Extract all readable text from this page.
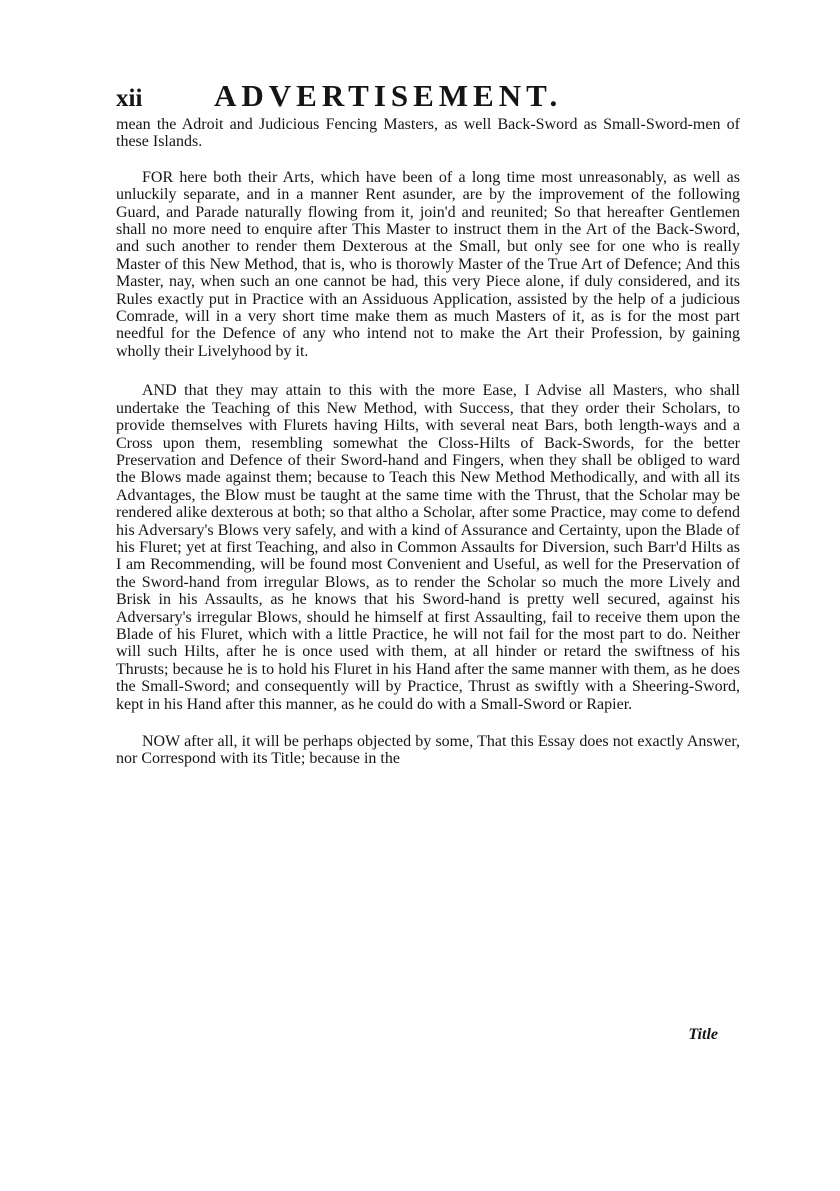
xii	ADVERTISEMENT.

mean the Adroit and Judicious Fencing Masters, as well Back-Sword as Small-Sword-men of these Islands.

FOR here both their Arts, which have been of a long time most unreasonably, as well as unluckily separate, and in a manner Rent asunder, are by the improvement of the following Guard, and Parade naturally flowing from it, join'd and reunited; So that hereafter Gentlemen shall no more need to enquire after This Master to instruct them in the Art of the Back-Sword, and such another to render them Dexterous at the Small, but only see for one who is really Master of this New Method, that is, who is thorowly Master of the True Art of Defence; And this Master, nay, when such an one cannot be had, this very Piece alone, if duly considered, and its Rules exactly put in Practice with an Assiduous Application, assisted by the help of a judicious Comrade, will in a very short time make them as much Masters of it, as is for the most part needful for the Defence of any who intend not to make the Art their Profession, by gaining wholly their Livelyhood by it.

AND that they may attain to this with the more Ease, I Advise all Masters, who shall undertake the Teaching of this New Method, with Success, that they order their Scholars, to provide themselves with Flurets having Hilts, with several neat Bars, both length-ways and a Cross upon them, resembling somewhat the Closs-Hilts of Back-Swords, for the better Preservation and Defence of their Sword-hand and Fingers, when they shall be obliged to ward the Blows made against them; because to Teach this New Method Methodically, and with all its Advantages, the Blow must be taught at the same time with the Thrust, that the Scholar may be rendered alike dexterous at both; so that altho a Scholar, after some Practice, may come to defend his Adversary's Blows very safely, and with a kind of Assurance and Certainty, upon the Blade of his Fluret; yet at first Teaching, and also in Common Assaults for Diversion, such Barr'd Hilts as I am Recommending, will be found most Convenient and Useful, as well for the Preservation of the Sword-hand from irregular Blows, as to render the Scholar so much the more Lively and Brisk in his Assaults, as he knows that his Sword-hand is pretty well secured, against his Adversary's irregular Blows, should he himself at first Assaulting, fail to receive them upon the Blade of his Fluret, which with a little Practice, he will not fail for the most part to do. Neither will such Hilts, after he is once used with them, at all hinder or retard the swiftness of his Thrusts; because he is to hold his Fluret in his Hand after the same manner with them, as he does the Small-Sword; and consequently will by Practice, Thrust as swiftly with a Sheering-Sword, kept in his Hand after this manner, as he could do with a Small-Sword or Rapier.

NOW after all, it will be perhaps objected by some, That this Essay does not exactly Answer, nor Correspond with its Title; because in the

Title
